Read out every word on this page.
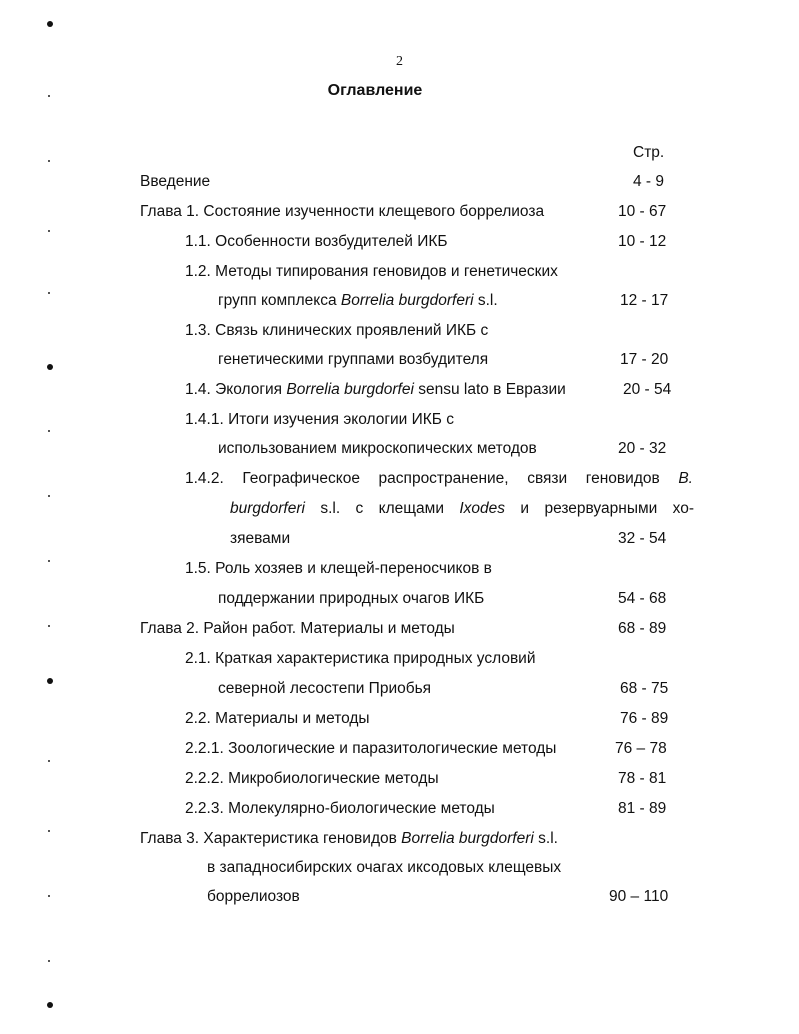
2
Оглавление
Стр.
Введение	4 - 9
Глава 1. Состояние изученности клещевого боррелиоза	10 - 67
1.1. Особенности возбудителей ИКБ	10 - 12
1.2. Методы типирования геновидов и генетических
групп комплекса Borrelia burgdorferi s.l.	12 - 17
1.3. Связь клинических проявлений ИКБ с
генетическими группами возбудителя	17 - 20
1.4. Экология Borrelia burgdorfei sensu lato в Евразии	20 - 54
1.4.1. Итоги изучения экологии ИКБ с
использованием микроскопических методов	20 - 32
1.4.2. Географическое распространение, связи геновидов B.
burgdorferi s.l. с клещами Ixodes и резервуарными хо-
зяевами	32 - 54
1.5. Роль хозяев и клещей-переносчиков в
поддержании природных очагов ИКБ	54 - 68
Глава 2. Район работ. Материалы и методы	68 - 89
2.1. Краткая характеристика природных условий
северной лесостепи Приобья	68 - 75
2.2. Материалы и методы	76 - 89
2.2.1. Зоологические и паразитологические методы	76 – 78
2.2.2. Микробиологические методы	78 - 81
2.2.3. Молекулярно-биологические методы	81 - 89
Глава 3. Характеристика геновидов Borrelia burgdorferi s.l.
в западносибирских очагах иксодовых клещевых
боррелиозов	90 – 110
